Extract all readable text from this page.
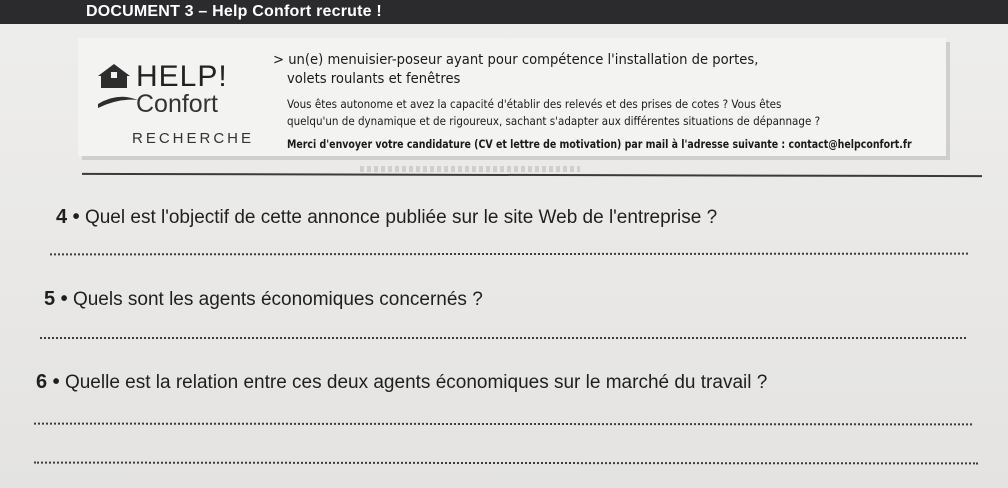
DOCUMENT 3 – Help Confort recrute !
HELP!
Confort
RECHERCHE
> un(e) menuisier-poseur ayant pour compétence l'installation de portes,
volets roulants et fenêtres
Vous êtes autonome et avez la capacité d'établir des relevés et des prises de cotes ? Vous êtes
quelqu'un de dynamique et de rigoureux, sachant s'adapter aux différentes situations de dépannage ?
Merci d'envoyer votre candidature (CV et lettre de motivation) par mail à l'adresse suivante : contact@helpconfort.fr
4 • Quel est l'objectif de cette annonce publiée sur le site Web de l'entreprise ?
5 • Quels sont les agents économiques concernés ?
6 • Quelle est la relation entre ces deux agents économiques sur le marché du travail ?
